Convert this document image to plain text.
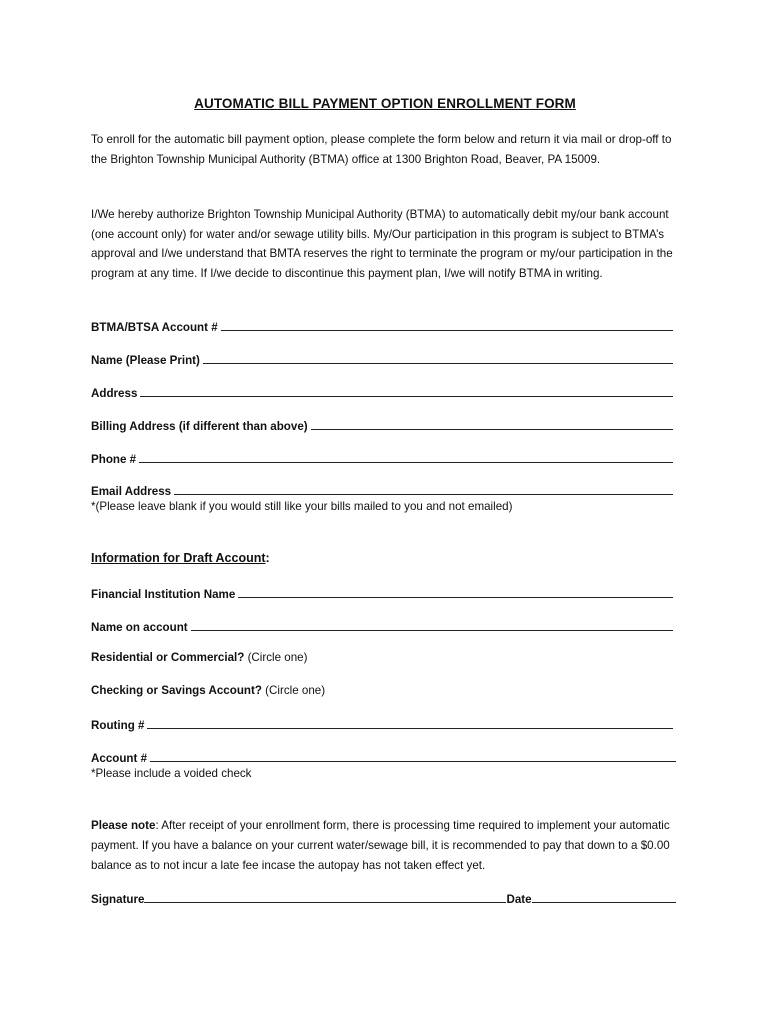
AUTOMATIC BILL PAYMENT OPTION ENROLLMENT FORM
To enroll for the automatic bill payment option, please complete the form below and return it via mail or drop-off to the Brighton Township Municipal Authority (BTMA) office at 1300 Brighton Road, Beaver, PA 15009.
I/We hereby authorize Brighton Township Municipal Authority (BTMA) to automatically debit my/our bank account (one account only) for water and/or sewage utility bills. My/Our participation in this program is subject to BTMA’s approval and I/we understand that BMTA reserves the right to terminate the program or my/our participation in the program at any time. If I/we decide to discontinue this payment plan, I/we will notify BTMA in writing.
BTMA/BTSA Account #
Name (Please Print)
Address
Billing Address (if different than above)
Phone #
Email Address
*(Please leave blank if you would still like your bills mailed to you and not emailed)
Information for Draft Account:
Financial Institution Name
Name on account
Residential or Commercial? (Circle one)
Checking or Savings Account? (Circle one)
Routing #
Account #
*Please include a voided check
Please note: After receipt of your enrollment form, there is processing time required to implement your automatic payment. If you have a balance on your current water/sewage bill, it is recommended to pay that down to a $0.00 balance as to not incur a late fee incase the autopay has not taken effect yet.
Signature	Date
